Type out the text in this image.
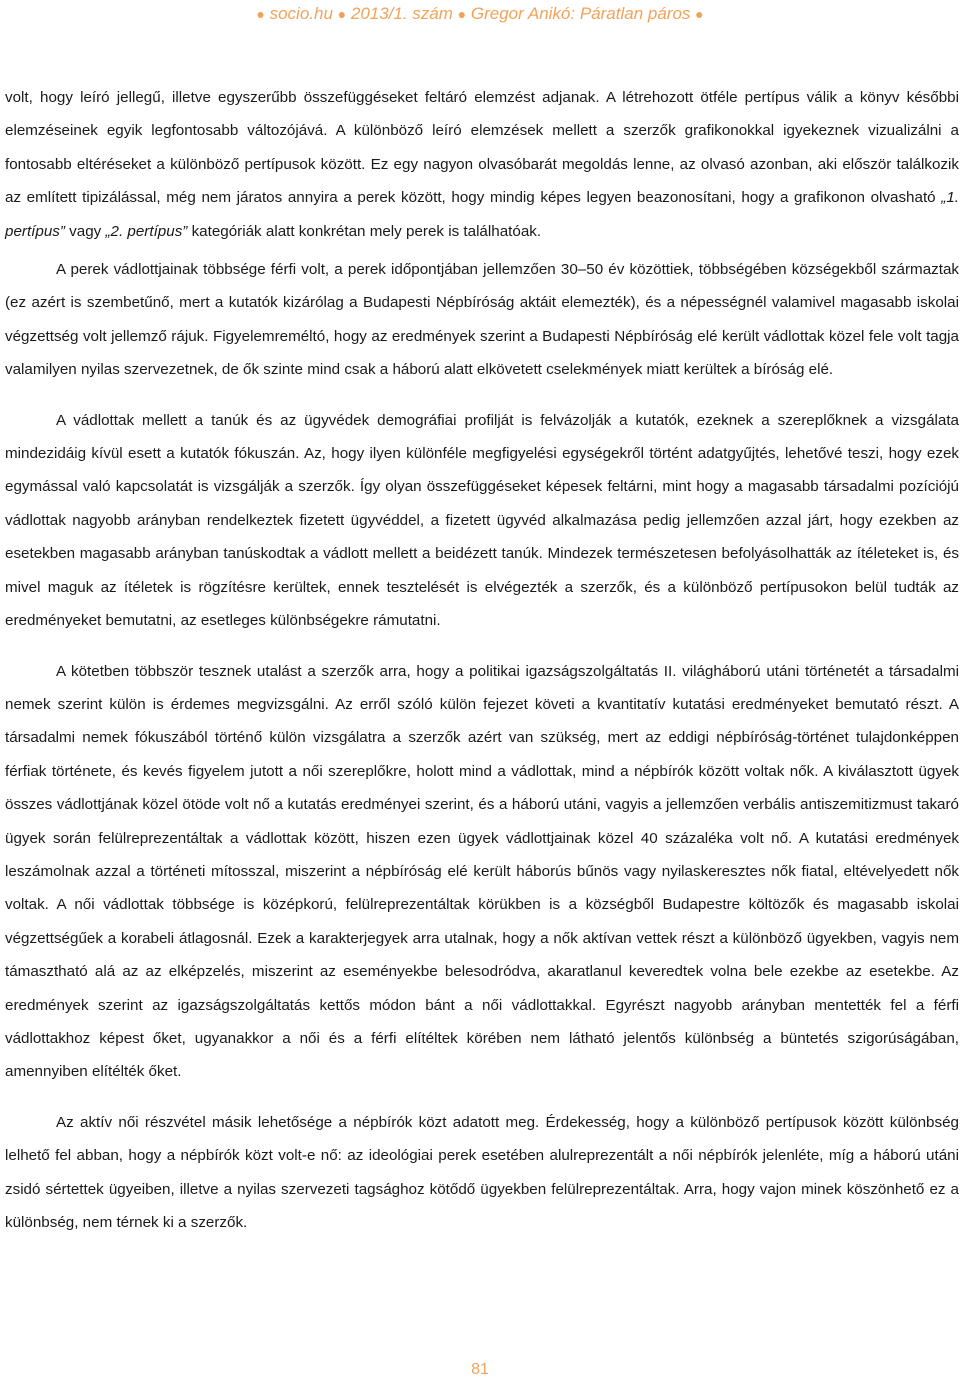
● socio.hu ● 2013/1. szám ● Gregor Anikó: Páratlan páros ●

volt, hogy leíró jellegű, illetve egyszerűbb összefüggéseket feltáró elemzést adjanak. A létrehozott ötféle pertípus válik a könyv későbbi elemzéseinek egyik legfontosabb változójává. A különböző leíró elemzések mellett a szerzők grafikonokkal igyekeznek vizualizálni a fontosabb eltéréseket a különböző pertípusok között. Ez egy nagyon olvasóbarát megoldás lenne, az olvasó azonban, aki először találkozik az említett tipizálással, még nem járatos annyira a perek között, hogy mindig képes legyen beazonosítani, hogy a grafikonon olvasható „1. pertípus” vagy „2. pertípus” kategóriák alatt konkrétan mely perek is találhatóak.

A perek vádlottjainak többsége férfi volt, a perek időpontjában jellemzően 30‒50 év közöttiek, többségében községekből származtak (ez azért is szembetűnő, mert a kutatók kizárólag a Budapesti Népbíróság aktáit elemezték), és a népességnél valamivel magasabb iskolai végzettség volt jellemző rájuk. Figyelemreméltó, hogy az eredmények szerint a Budapesti Népbíróság elé került vádlottak közel fele volt tagja valamilyen nyilas szervezetnek, de ők szinte mind csak a háború alatt elkövetett cselekmények miatt kerültek a bíróság elé.

A vádlottak mellett a tanúk és az ügyvédek demográfiai profilját is felvázolják a kutatók, ezeknek a szereplőknek a vizsgálata mindezidáig kívül esett a kutatók fókuszán. Az, hogy ilyen különféle megfigyelési egységekről történt adatgyűjtés, lehetővé teszi, hogy ezek egymással való kapcsolatát is vizsgálják a szerzők. Így olyan összefüggéseket képesek feltárni, mint hogy a magasabb társadalmi pozíciójú vádlottak nagyobb arányban rendelkeztek fizetett ügyvéddel, a fizetett ügyvéd alkalmazása pedig jellemzően azzal járt, hogy ezekben az esetekben magasabb arányban tanúskodtak a vádlott mellett a beidézett tanúk. Mindezek természetesen befolyásolhatták az ítéleteket is, és mivel maguk az ítéletek is rögzítésre kerültek, ennek tesztelését is elvégezték a szerzők, és a különböző pertípusokon belül tudták az eredményeket bemutatni, az esetleges különbségekre rámutatni.

A kötetben többször tesznek utalást a szerzők arra, hogy a politikai igazságszolgáltatás II. világháború utáni történetét a társadalmi nemek szerint külön is érdemes megvizsgálni. Az erről szóló külön fejezet követi a kvantitatív kutatási eredményeket bemutató részt. A társadalmi nemek fókuszából történő külön vizsgálatra a szerzők azért van szükség, mert az eddigi népbíróság-történet tulajdonképpen férfiak története, és kevés figyelem jutott a női szereplőkre, holott mind a vádlottak, mind a népbírók között voltak nők. A kiválasztott ügyek összes vádlottjának közel ötöde volt nő a kutatás eredményei szerint, és a háború utáni, vagyis a jellemzően verbális antiszemitizmust takaró ügyek során felülreprezentáltak a vádlottak között, hiszen ezen ügyek vádlottjainak közel 40 százaléka volt nő. A kutatási eredmények leszámolnak azzal a történeti mítosszal, miszerint a népbíróság elé került háborús bűnös vagy nyilaskeresztes nők fiatal, eltévelyedett nők voltak. A női vádlottak többsége is középkorú, felülreprezentáltak körükben is a községből Budapestre költözők és magasabb iskolai végzettségűek a korabeli átlagosnál. Ezek a karakterjegyek arra utalnak, hogy a nők aktívan vettek részt a különböző ügyekben, vagyis nem támasztható alá az az elképzelés, miszerint az eseményekbe belesodródva, akaratlanul keveredtek volna bele ezekbe az esetekbe. Az eredmények szerint az igazságszolgáltatás kettős módon bánt a női vádlottakkal. Egyrészt nagyobb arányban mentették fel a férfi vádlottakhoz képest őket, ugyanakkor a női és a férfi elítéltek körében nem látható jelentős különbség a büntetés szigorúságában, amennyiben elítélték őket.

Az aktív női részvétel másik lehetősége a népbírók közt adatott meg. Érdekesség, hogy a különböző pertípusok között különbség lelhető fel abban, hogy a népbírók közt volt-e nő: az ideológiai perek esetében alulreprezentált a női népbírók jelenléte, míg a háború utáni zsidó sértettek ügyeiben, illetve a nyilas szervezeti tagsághoz kötődő ügyekben felülreprezentáltak. Arra, hogy vajon minek köszönhető ez a különbség, nem térnek ki a szerzők.

81
